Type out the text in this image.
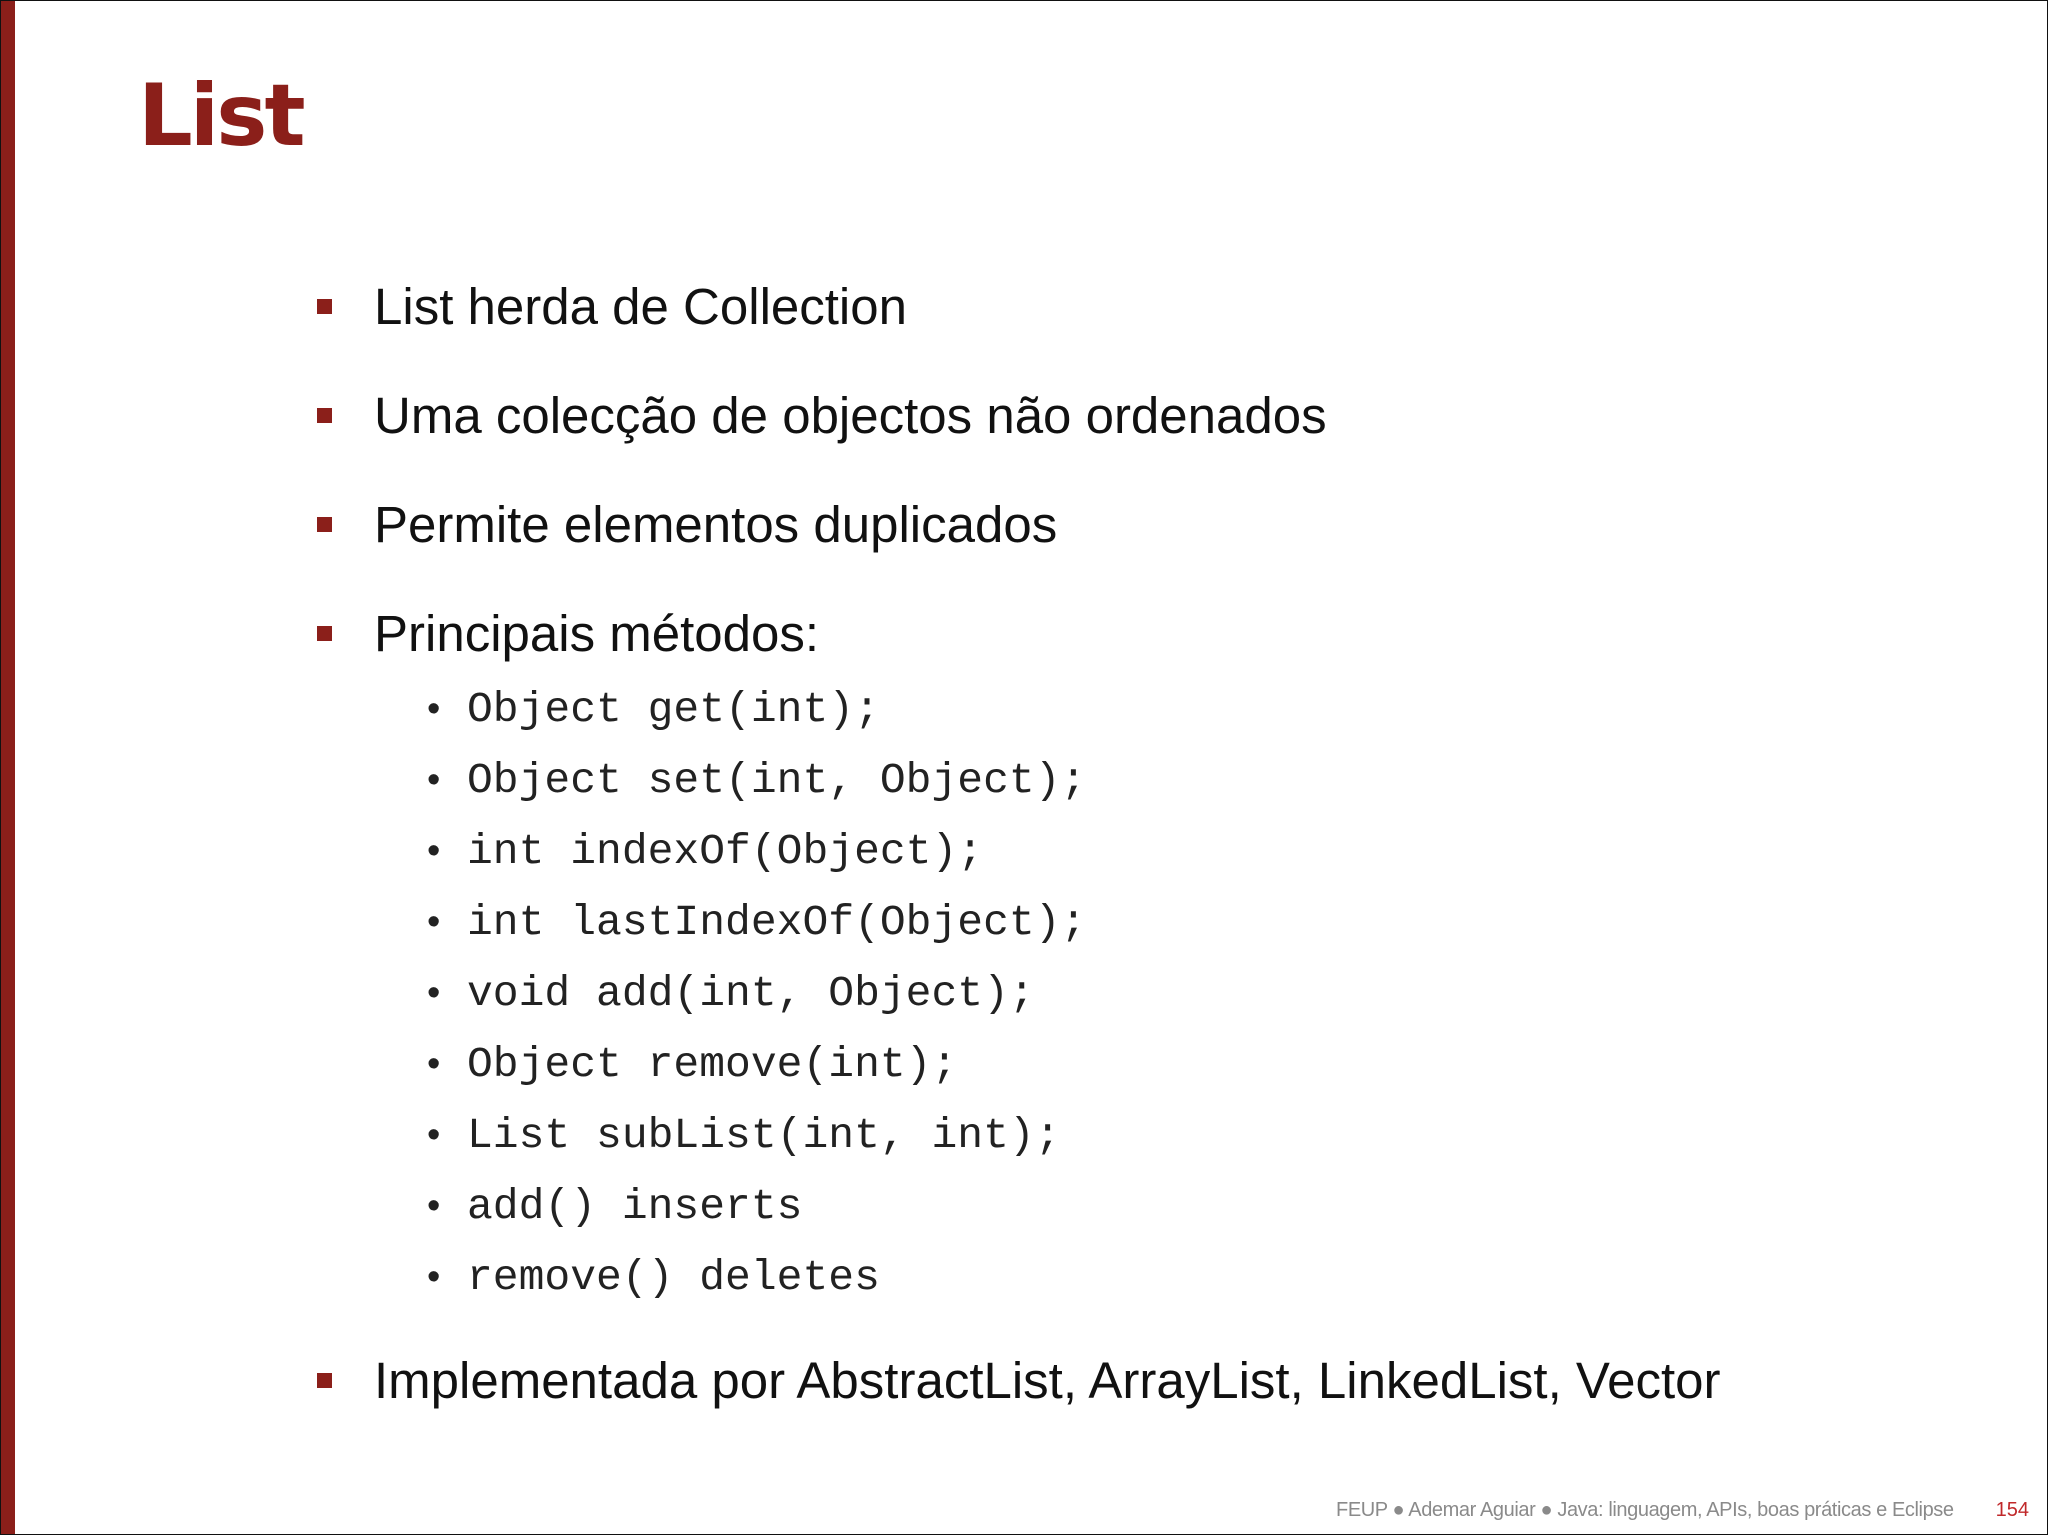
List
List herda de Collection
Uma colecção de objectos não ordenados
Permite elementos duplicados
Principais métodos:
• Object get(int);
• Object set(int, Object);
• int indexOf(Object);
• int lastIndexOf(Object);
• void add(int, Object);
• Object remove(int);
• List subList(int, int);
• add() inserts
• remove() deletes
Implementada por AbstractList, ArrayList, LinkedList, Vector
FEUP ● Ademar Aguiar ● Java: linguagem, APIs, boas práticas e Eclipse 154
